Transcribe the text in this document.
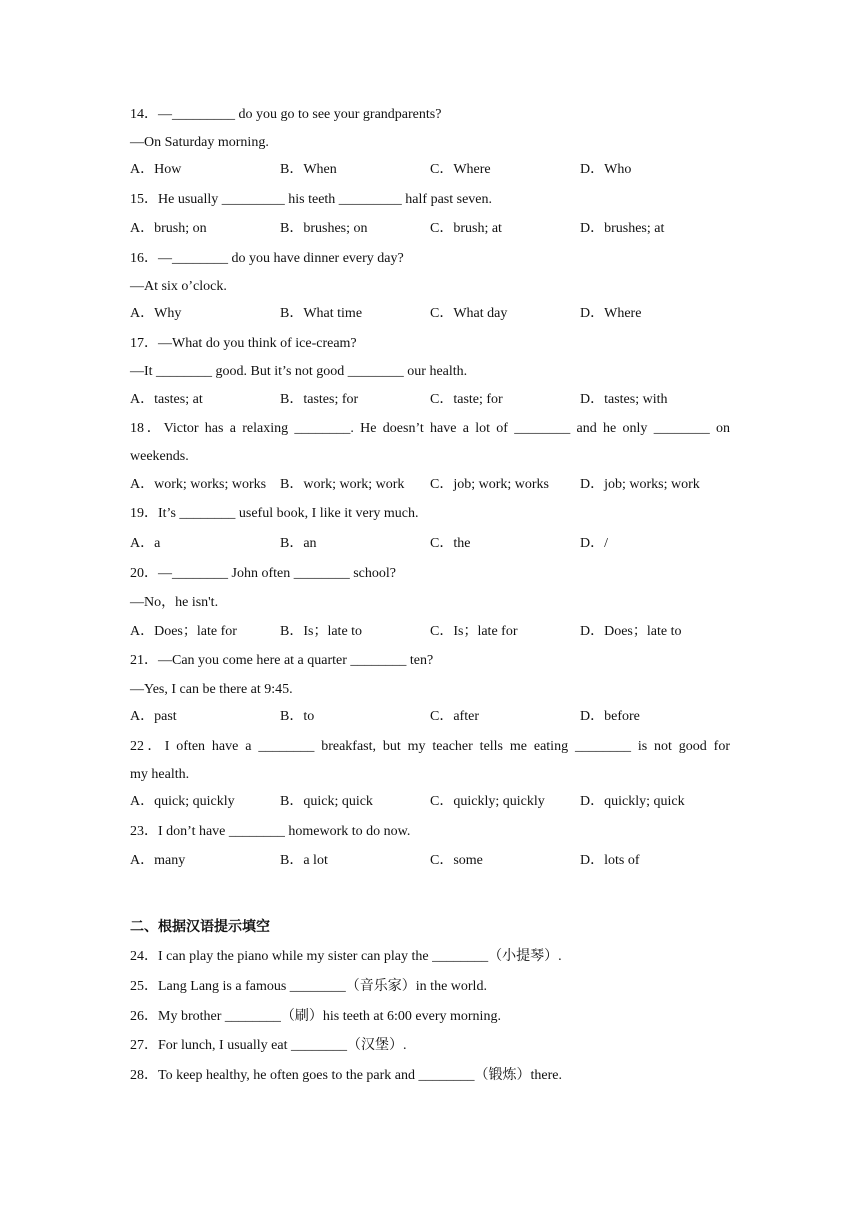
14．—_________ do you go to see your grandparents?
—On Saturday morning.
A．How	B．When	C．Where	D．Who
15．He usually _________ his teeth _________ half past seven.
A．brush; on	B．brushes; on	C．brush; at	D．brushes; at
16．—________ do you have dinner every day?
—At six o’clock.
A．Why	B．What time	C．What day	D．Where
17．—What do you think of ice-cream?
—It ________ good. But it’s not good ________ our health.
A．tastes; at	B．tastes; for	C．taste; for	D．tastes; with
18．Victor has a relaxing ________. He doesn’t have a lot of ________ and he only ________ on
weekends.
A．work; works; works B．work; work; work C．job; work; works D．job; works; work
19．It’s ________ useful book, I like it very much.
A．a	B．an	C．the	D．/
20．—________ John often ________ school?
—No，he isn't.
A．Does；late for	B．Is；late to	C．Is；late for	D．Does；late to
21．—Can you come here at a quarter ________ ten?
—Yes, I can be there at 9:45.
A．past	B．to	C．after	D．before
22．I often have a ________ breakfast, but my teacher tells me eating ________ is not good for
my health.
A．quick; quickly	B．quick; quick	C．quickly; quickly	D．quickly; quick
23．I don’t have ________ homework to do now.
A．many	B．a lot	C．some	D．lots of
二、根据汉语提示填空
24．I can play the piano while my sister can play the ________（小提琴）.
25．Lang Lang is a famous ________（音乐家）in the world.
26．My brother ________（刷）his teeth at 6:00 every morning.
27．For lunch, I usually eat ________（汉堡）.
28．To keep healthy, he often goes to the park and ________（锻炼）there.
